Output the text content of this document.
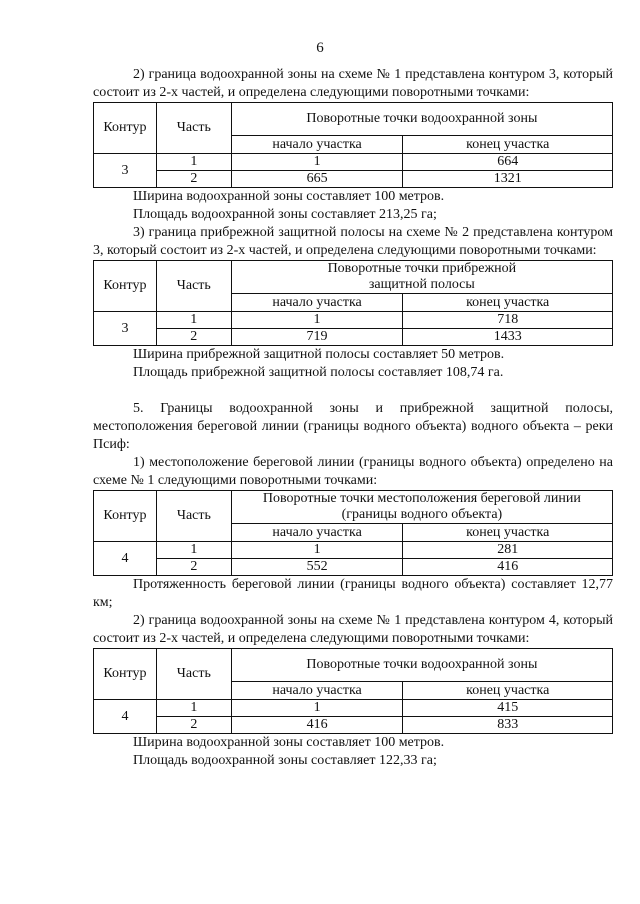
6

2) граница водоохранной зоны на схеме № 1 представлена контуром 3, который состоит из 2-х частей, и определена следующими поворотными точками:

Контур	Часть	Поворотные точки водоохранной зоны	
		начало участка	конец участка
3	1	1	664
	2	665	1321

Ширина водоохранной зоны составляет 100 метров.

Площадь водоохранной зоны составляет 213,25 га;

3) граница прибрежной защитной полосы на схеме № 2 представлена контуром 3, который состоит из 2-х частей, и определена следующими поворотными точками:

Контур	Часть	Поворотные точки прибрежной защитной полосы	
		начало участка	конец участка
3	1	1	718
	2	719	1433

Ширина прибрежной защитной полосы составляет 50 метров.

Площадь прибрежной защитной полосы составляет 108,74 га.

5. Границы водоохранной зоны и прибрежной защитной полосы, местоположения береговой линии (границы водного объекта) водного объекта – реки Псиф:

1) местоположение береговой линии (границы водного объекта) определено на схеме № 1 следующими поворотными точками:

Контур	Часть	Поворотные точки местоположения береговой линии (границы водного объекта)	
		начало участка	конец участка
4	1	1	281
	2	552	416

Протяженность береговой линии (границы водного объекта) составляет 12,77 км;

2) граница водоохранной зоны на схеме № 1 представлена контуром 4, который состоит из 2-х частей, и определена следующими поворотными точками:

Контур	Часть	Поворотные точки водоохранной зоны	
		начало участка	конец участка
4	1	1	415
	2	416	833

Ширина водоохранной зоны составляет 100 метров.

Площадь водоохранной зоны составляет 122,33 га;
